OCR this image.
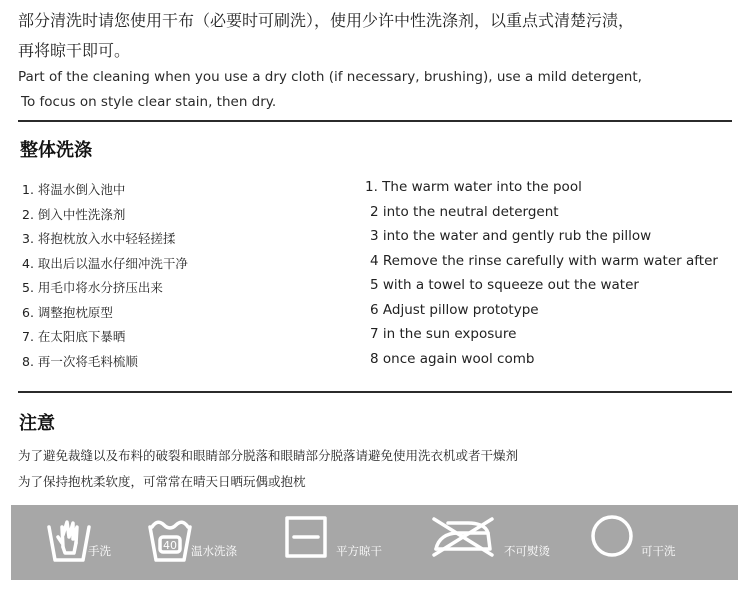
部分清洗时请您使用干布（必要时可刷洗），使用少许中性洗涤剂，以重点式清楚污渍，
再将晾干即可。
Part of the cleaning when you use a dry cloth (if necessary, brushing), use a mild detergent,
To focus on style clear stain, then dry.
整体洗涤
1. 将温水倒入池中
2. 倒入中性洗涤剂
3. 将抱枕放入水中轻轻搓揉
4. 取出后以温水仔细冲洗干净
5. 用毛巾将水分挤压出来
6. 调整抱枕原型
7. 在太阳底下暴晒
8. 再一次将毛料梳顺
1. The warm water into the pool
2 into the neutral detergent
3 into the water and gently rub the pillow
4 Remove the rinse carefully with warm water after
5 with a towel to squeeze out the water
6 Adjust pillow prototype
7 in the sun exposure
8 once again wool comb
注意
为了避免裁缝以及布料的破裂和眼睛部分脱落和眼睛部分脱落请避免使用洗衣机或者干燥剂
为了保持抱枕柔软度，可常常在晴天日晒玩偶或抱枕
手洗	40 温水洗涤	平方晾干	不可熨烫	可干洗
